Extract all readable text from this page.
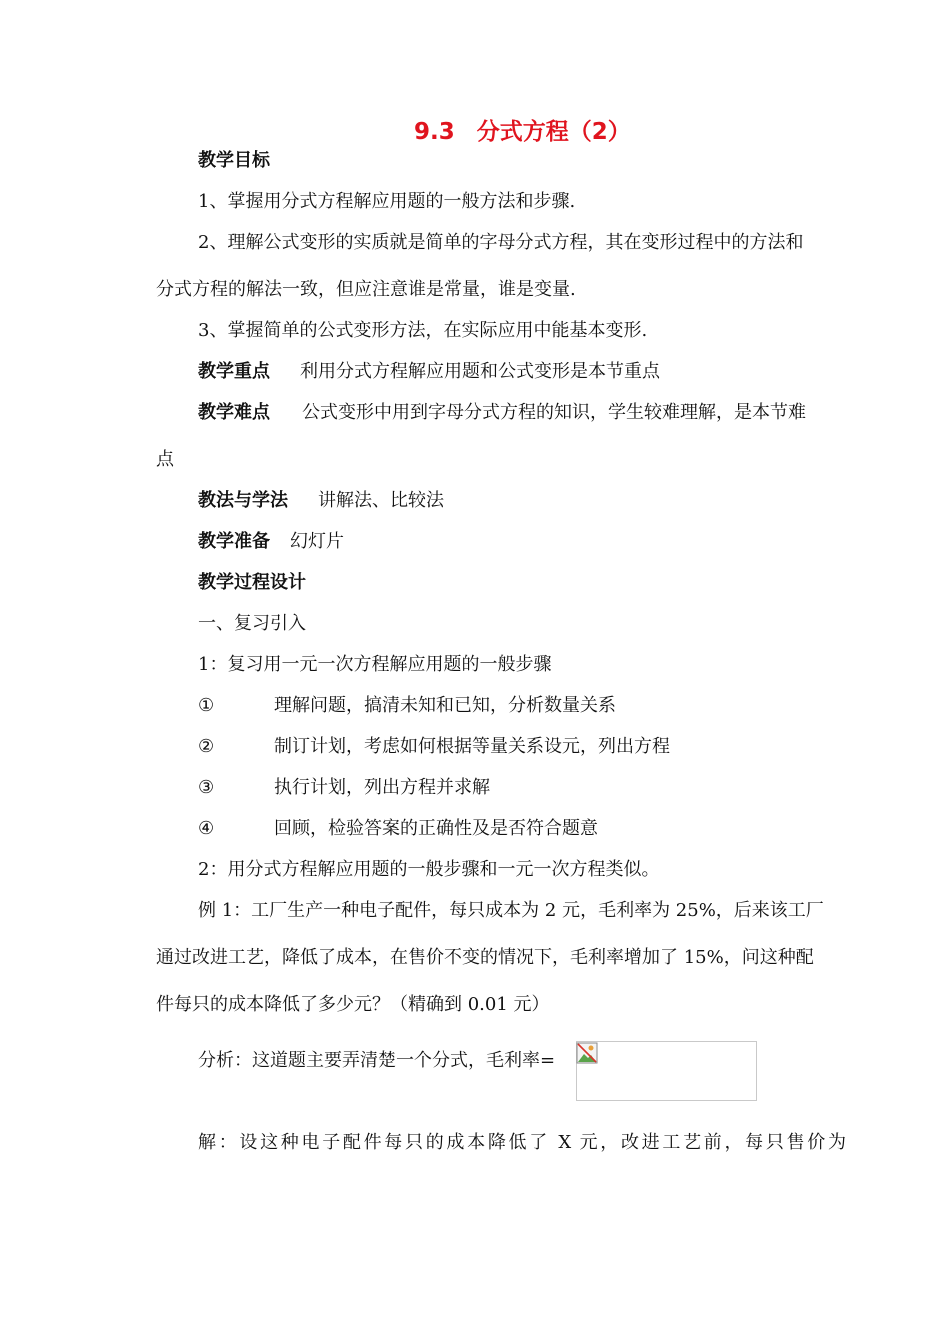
9.3 分式方程（2）
教学目标
1、掌握用分式方程解应用题的一般方法和步骤.
2、理解公式变形的实质就是简单的字母分式方程，其在变形过程中的方法和
分式方程的解法一致，但应注意谁是常量，谁是变量.
3、掌握简单的公式变形方法，在实际应用中能基本变形.
教学重点 利用分式方程解应用题和公式变形是本节重点
教学难点 公式变形中用到字母分式方程的知识，学生较难理解，是本节难
点
教法与学法 讲解法、比较法
教学准备 幻灯片
教学过程设计
一、复习引入
1：复习用一元一次方程解应用题的一般步骤
①	理解问题，搞清未知和已知，分析数量关系
②	制订计划，考虑如何根据等量关系设元，列出方程
③	执行计划，列出方程并求解
④	回顾，检验答案的正确性及是否符合题意
2：用分式方程解应用题的一般步骤和一元一次方程类似。
例 1：工厂生产一种电子配件，每只成本为 2 元，毛利率为 25%，后来该工厂
通过改进工艺，降低了成本，在售价不变的情况下，毛利率增加了 15%，问这种配
件每只的成本降低了多少元？（精确到 0.01 元）
分析：这道题主要弄清楚一个分式，毛利率=
解：设这种电子配件每只的成本降低了 X 元，改进工艺前，每只售价为
